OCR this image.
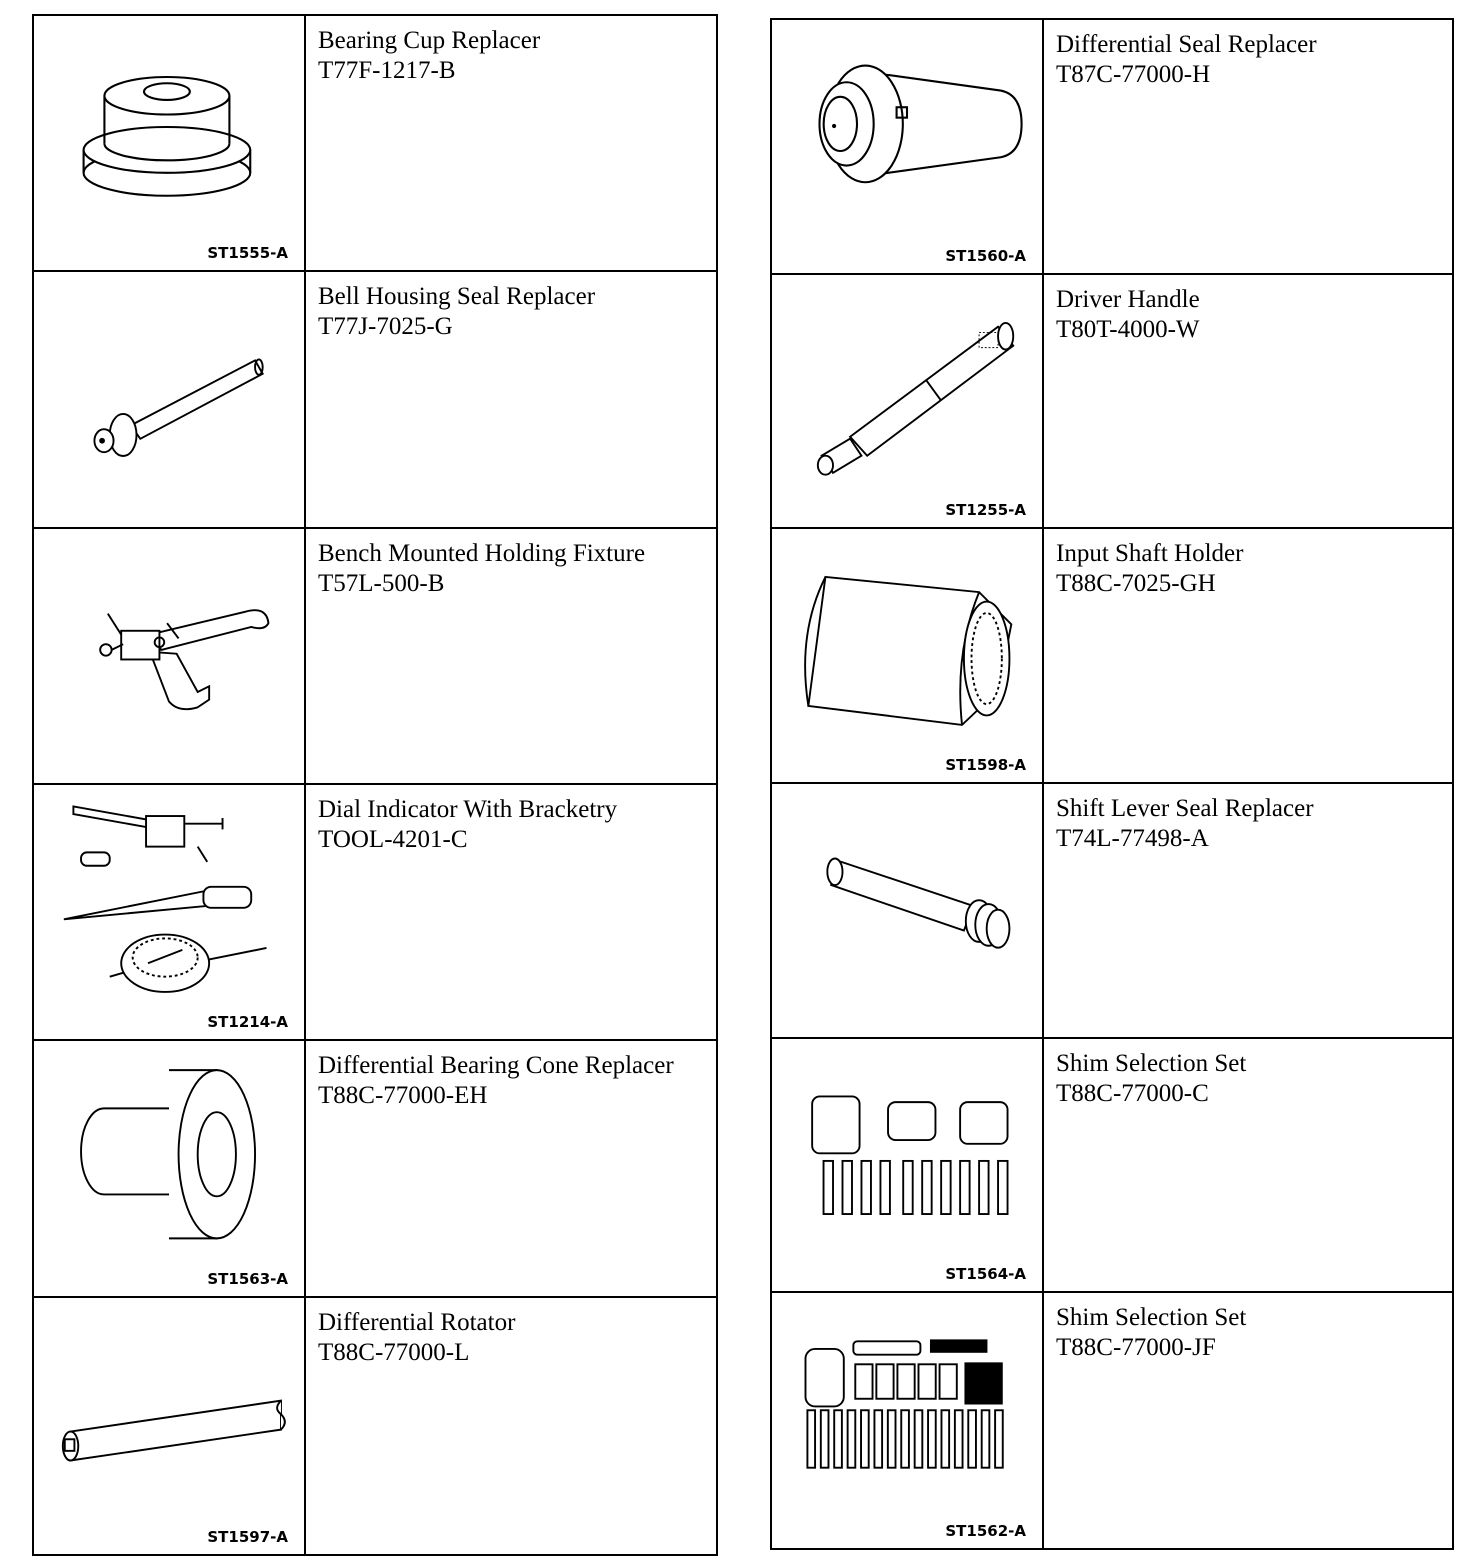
ST1555-A
Bearing Cup Replacer
T77F-1217-B
Bell Housing Seal Replacer
T77J-7025-G
Bench Mounted Holding Fixture
T57L-500-B
ST1214-A
Dial Indicator With Bracketry
TOOL-4201-C
ST1563-A
Differential Bearing Cone Replacer
T88C-77000-EH
ST1597-A
Differential Rotator
T88C-77000-L
ST1560-A
Differential Seal Replacer
T87C-77000-H
ST1255-A
Driver Handle
T80T-4000-W
ST1598-A
Input Shaft Holder
T88C-7025-GH
Shift Lever Seal Replacer
T74L-77498-A
ST1564-A
Shim Selection Set
T88C-77000-C
ST1562-A
Shim Selection Set
T88C-77000-JF
